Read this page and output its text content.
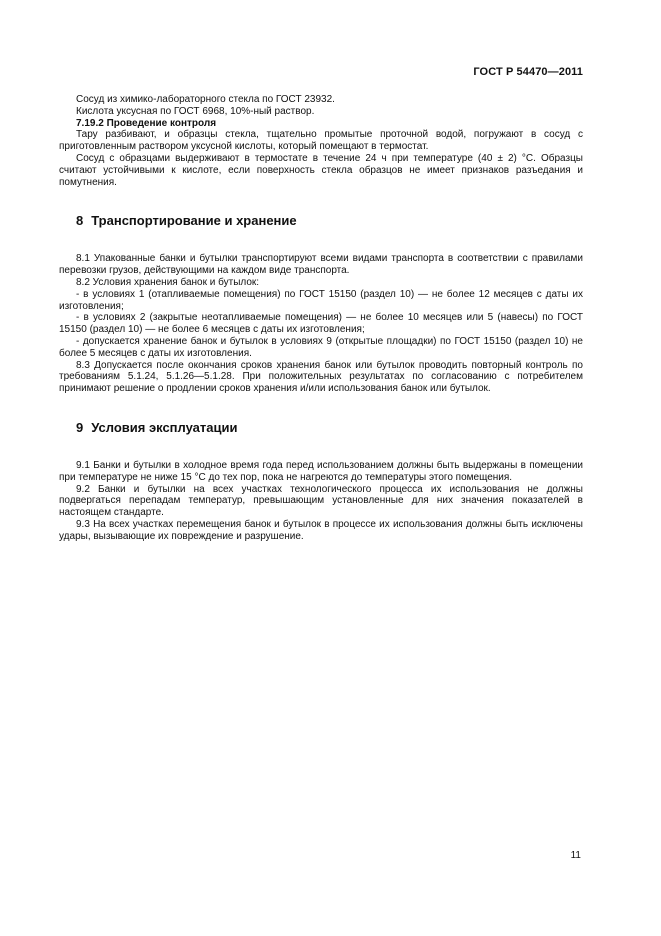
ГОСТ Р 54470—2011

Сосуд из химико-лабораторного стекла по ГОСТ 23932.

Кислота уксусная по ГОСТ 6968, 10%-ный раствор.

7.19.2 Проведение контроля

Тару разбивают, и образцы стекла, тщательно промытые проточной водой, погружают в сосуд с приготовленным раствором уксусной кислоты, который помещают в термостат.

Сосуд с образцами выдерживают в термостате в течение 24 ч при температуре (40 ± 2) °С. Образцы считают устойчивыми к кислоте, если поверхность стекла образцов не имеет признаков разъедания и помутнения.

8 Транспортирование и хранение

8.1 Упакованные банки и бутылки транспортируют всеми видами транспорта в соответствии с правилами перевозки грузов, действующими на каждом виде транспорта.

8.2 Условия хранения банок и бутылок:

- в условиях 1 (отапливаемые помещения) по ГОСТ 15150 (раздел 10) — не более 12 месяцев с даты их изготовления;

- в условиях 2 (закрытые неотапливаемые помещения) — не более 10 месяцев или 5 (навесы) по ГОСТ 15150 (раздел 10) — не более 6 месяцев с даты их изготовления;

- допускается хранение банок и бутылок в условиях 9 (открытые площадки) по ГОСТ 15150 (раздел 10) не более 5 месяцев с даты их изготовления.

8.3 Допускается после окончания сроков хранения банок или бутылок проводить повторный контроль по требованиям 5.1.24, 5.1.26—5.1.28. При положительных результатах по согласованию с потребителем принимают решение о продлении сроков хранения и/или использования банок или бутылок.

9 Условия эксплуатации

9.1 Банки и бутылки в холодное время года перед использованием должны быть выдержаны в помещении при температуре не ниже 15 °С до тех пор, пока не нагреются до температуры этого помещения.

9.2 Банки и бутылки на всех участках технологического процесса их использования не должны подвергаться перепадам температур, превышающим установленные для них значения показателей в настоящем стандарте.

9.3 На всех участках перемещения банок и бутылок в процессе их использования должны быть исключены удары, вызывающие их повреждение и разрушение.

11
